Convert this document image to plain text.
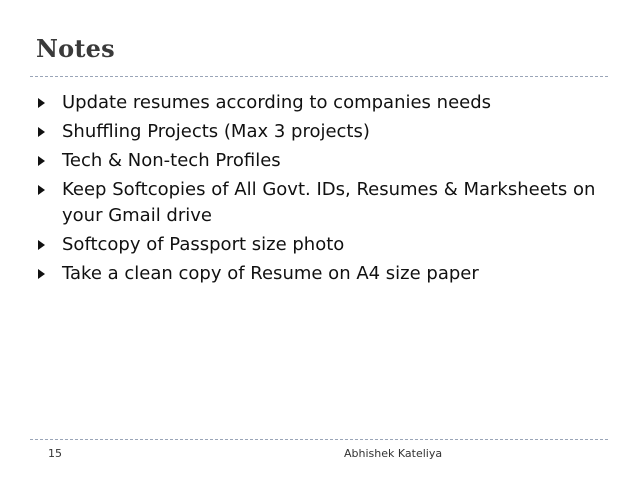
Notes
Update resumes according to companies needs
Shuffling Projects (Max 3 projects)
Tech & Non-tech Profiles
Keep Softcopies of All Govt. IDs, Resumes & Marksheets on your Gmail drive
Softcopy of Passport size photo
Take a clean copy of Resume on A4 size paper
15	Abhishek Kateliya
